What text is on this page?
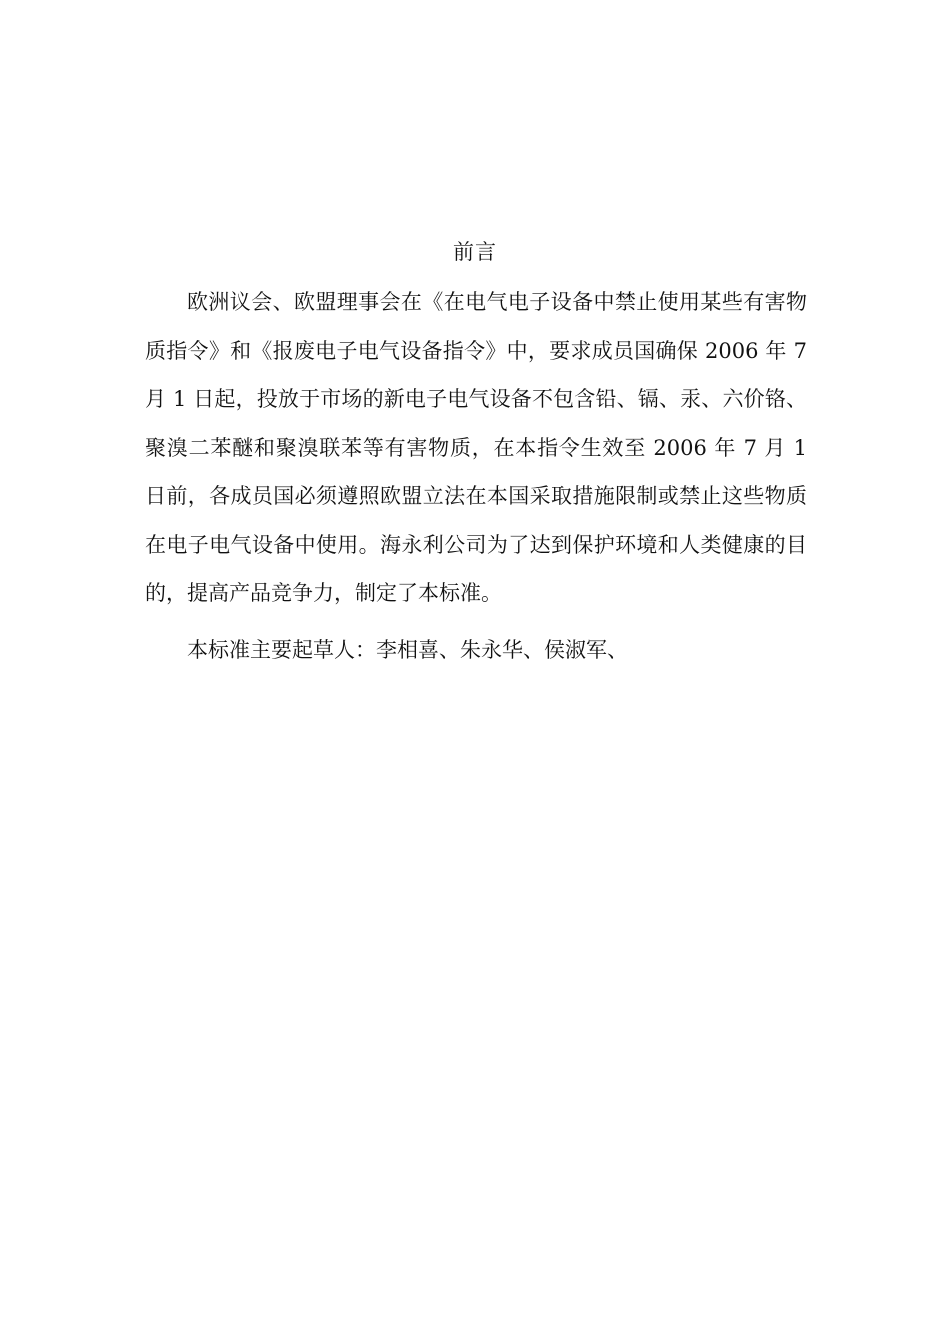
前言

欧洲议会、欧盟理事会在《在电气电子设备中禁止使用某些有害物质指令》和《报废电子电气设备指令》中，要求成员国确保 2006 年 7 月 1 日起，投放于市场的新电子电气设备不包含铅、镉、汞、六价铬、聚溴二苯醚和聚溴联苯等有害物质，在本指令生效至 2006 年 7 月 1 日前，各成员国必须遵照欧盟立法在本国采取措施限制或禁止这些物质在电子电气设备中使用。海永利公司为了达到保护环境和人类健康的目的，提高产品竞争力，制定了本标准。

本标准主要起草人：李相喜、朱永华、侯淑军、
